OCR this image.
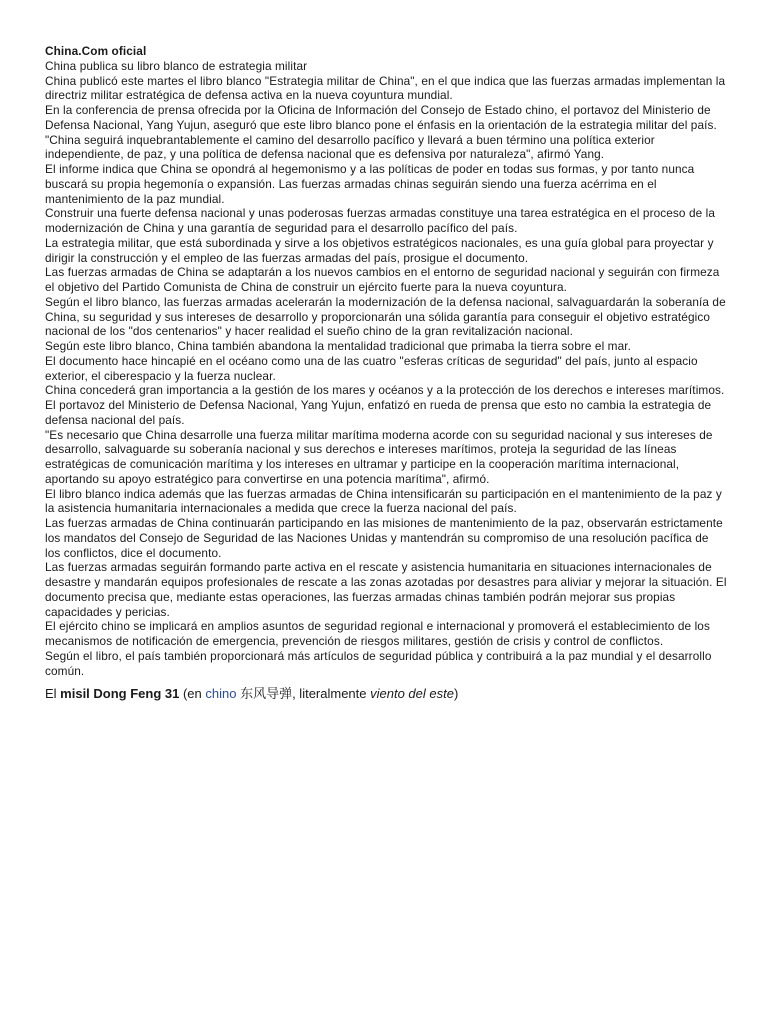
China.Com oficial

China publica su libro blanco de estrategia militar

China publicó este martes el libro blanco "Estrategia militar de China", en el que indica que las fuerzas armadas implementan la directriz militar estratégica de defensa activa en la nueva coyuntura mundial.

En la conferencia de prensa ofrecida por la Oficina de Información del Consejo de Estado chino, el portavoz del Ministerio de Defensa Nacional, Yang Yujun, aseguró que este libro blanco pone el énfasis en la orientación de la estrategia militar del país.

"China seguirá inquebrantablemente el camino del desarrollo pacífico y llevará a buen término una política exterior independiente, de paz, y una política de defensa nacional que es defensiva por naturaleza", afirmó Yang.

El informe indica que China se opondrá al hegemonismo y a las políticas de poder en todas sus formas, y por tanto nunca buscará su propia hegemonía o expansión. Las fuerzas armadas chinas seguirán siendo una fuerza acérrima en el mantenimiento de la paz mundial.

Construir una fuerte defensa nacional y unas poderosas fuerzas armadas constituye una tarea estratégica en el proceso de la modernización de China y una garantía de seguridad para el desarrollo pacífico del país.

La estrategia militar, que está subordinada y sirve a los objetivos estratégicos nacionales, es una guía global para proyectar y dirigir la construcción y el empleo de las fuerzas armadas del país, prosigue el documento.

Las fuerzas armadas de China se adaptarán a los nuevos cambios en el entorno de seguridad nacional y seguirán con firmeza el objetivo del Partido Comunista de China de construir un ejército fuerte para la nueva coyuntura.

Según el libro blanco, las fuerzas armadas acelerarán la modernización de la defensa nacional, salvaguardarán la soberanía de China, su seguridad y sus intereses de desarrollo y proporcionarán una sólida garantía para conseguir el objetivo estratégico nacional de los "dos centenarios" y hacer realidad el sueño chino de la gran revitalización nacional.

Según este libro blanco, China también abandona la mentalidad tradicional que primaba la tierra sobre el mar.

El documento hace hincapié en el océano como una de las cuatro "esferas críticas de seguridad" del país, junto al espacio exterior, el ciberespacio y la fuerza nuclear.

China concederá gran importancia a la gestión de los mares y océanos y a la protección de los derechos e intereses marítimos. El portavoz del Ministerio de Defensa Nacional, Yang Yujun, enfatizó en rueda de prensa que esto no cambia la estrategia de defensa nacional del país.

"Es necesario que China desarrolle una fuerza militar marítima moderna acorde con su seguridad nacional y sus intereses de desarrollo, salvaguarde su soberanía nacional y sus derechos e intereses marítimos, proteja la seguridad de las líneas estratégicas de comunicación marítima y los intereses en ultramar y participe en la cooperación marítima internacional, aportando su apoyo estratégico para convertirse en una potencia marítima", afirmó.

El libro blanco indica además que las fuerzas armadas de China intensificarán su participación en el mantenimiento de la paz y la asistencia humanitaria internacionales a medida que crece la fuerza nacional del país.

Las fuerzas armadas de China continuarán participando en las misiones de mantenimiento de la paz, observarán estrictamente los mandatos del Consejo de Seguridad de las Naciones Unidas y mantendrán su compromiso de una resolución pacífica de los conflictos, dice el documento.

Las fuerzas armadas seguirán formando parte activa en el rescate y asistencia humanitaria en situaciones internacionales de desastre y mandarán equipos profesionales de rescate a las zonas azotadas por desastres para aliviar y mejorar la situación. El documento precisa que, mediante estas operaciones, las fuerzas armadas chinas también podrán mejorar sus propias capacidades y pericias.

El ejército chino se implicará en amplios asuntos de seguridad regional e internacional y promoverá el establecimiento de los mecanismos de notificación de emergencia, prevención de riesgos militares, gestión de crisis y control de conflictos.

Según el libro, el país también proporcionará más artículos de seguridad pública y contribuirá a la paz mundial y el desarrollo común.

El misil Dong Feng 31 (en chino 东风导弹, literalmente viento del este)
